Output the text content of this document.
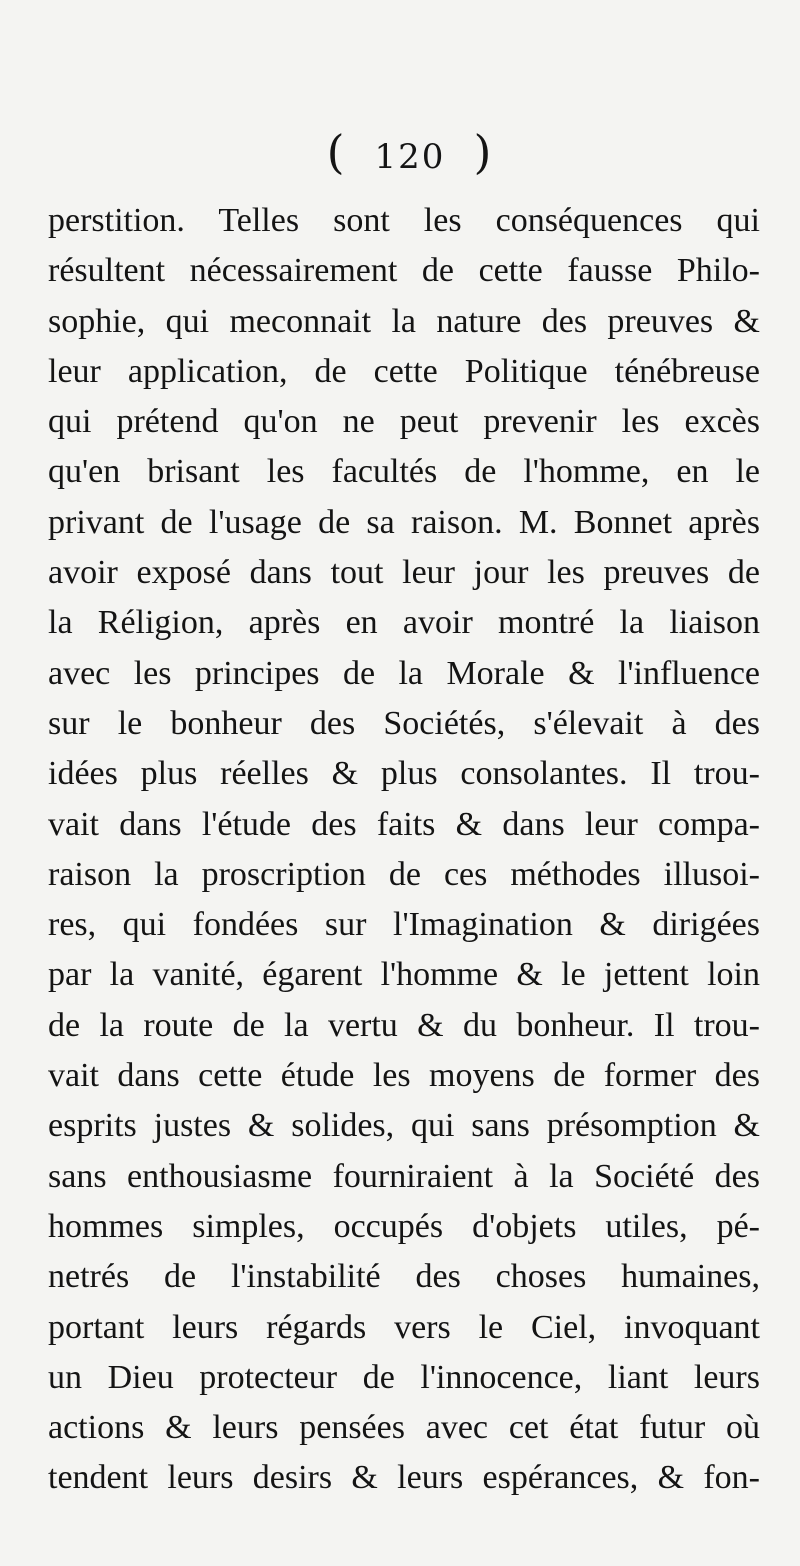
( 120 )
perstition. Telles sont les conséquences qui
résultent nécessairement de cette fausse Philo-
sophie, qui meconnait la nature des preuves &
leur application, de cette Politique ténébreuse
qui prétend qu'on ne peut prevenir les excès
qu'en brisant les facultés de l'homme, en le
privant de l'usage de sa raison. M. Bonnet après
avoir exposé dans tout leur jour les preuves de
la Réligion, après en avoir montré la liaison
avec les principes de la Morale & l'influence
sur le bonheur des Sociétés, s'élevait à des
idées plus réelles & plus consolantes. Il trou-
vait dans l'étude des faits & dans leur compa-
raison la proscription de ces méthodes illusoi-
res, qui fondées sur l'Imagination & dirigées
par la vanité, égarent l'homme & le jettent loin
de la route de la vertu & du bonheur. Il trou-
vait dans cette étude les moyens de former des
esprits justes & solides, qui sans présomption &
sans enthousiasme fourniraient à la Société des
hommes simples, occupés d'objets utiles, pé-
netrés de l'instabilité des choses humaines,
portant leurs régards vers le Ciel, invoquant
un Dieu protecteur de l'innocence, liant leurs
actions & leurs pensées avec cet état futur où
tendent leurs desirs & leurs espérances, & fon-
